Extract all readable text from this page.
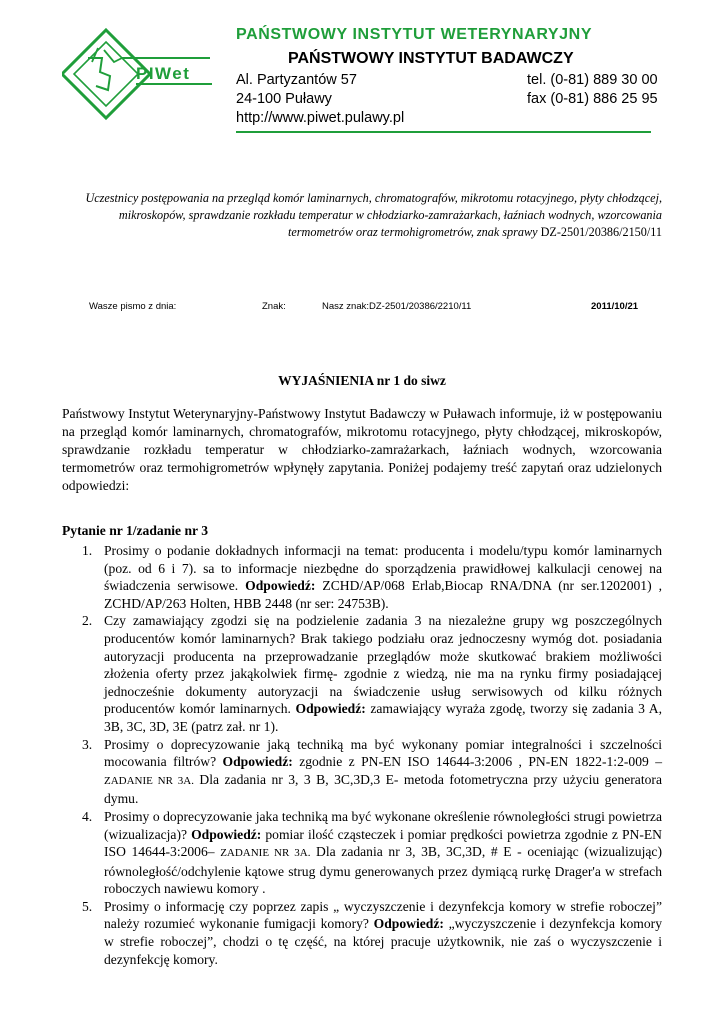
PIWet
PAŃSTWOWY INSTYTUT WETERYNARYJNY
PAŃSTWOWY INSTYTUT BADAWCZY
Al. Partyzantów 57
24-100 Puławy
http://www.piwet.pulawy.pl
tel. (0-81) 889 30 00
fax (0-81) 886 25 95
Uczestnicy postępowania na przegląd komór laminarnych, chromatografów, mikrotomu rotacyjnego, płyty chłodzącej, mikroskopów, sprawdzanie rozkładu temperatur w chłodziarko-zamrażarkach, łaźniach wodnych, wzorcowania termometrów oraz termohigrometrów, znak sprawy DZ-2501/20386/2150/11
Wasze pismo z dnia:	Znak:	Nasz znak:DZ-2501/20386/2210/11	2011/10/21
WYJAŚNIENIA nr 1 do siwz
Państwowy Instytut Weterynaryjny-Państwowy Instytut Badawczy w Puławach informuje, iż w postępowaniu na przegląd komór laminarnych, chromatografów, mikrotomu rotacyjnego, płyty chłodzącej, mikroskopów, sprawdzanie rozkładu temperatur w chłodziarko-zamrażarkach, łaźniach wodnych, wzorcowania termometrów oraz termohigrometrów wpłynęły zapytania. Poniżej podajemy treść zapytań oraz udzielonych odpowiedzi:
Pytanie nr 1/zadanie nr 3
1. Prosimy o podanie dokładnych informacji na temat: producenta i modelu/typu komór laminarnych (poz. od 6 i 7). sa to informacje niezbędne do sporządzenia prawidłowej kalkulacji cenowej na świadczenia serwisowe. Odpowiedź: ZCHD/AP/068 Erlab,Biocap RNA/DNA (nr ser.1202001) , ZCHD/AP/263 Holten, HBB 2448 (nr ser: 24753B).
2. Czy zamawiający zgodzi się na podzielenie zadania 3 na niezależne grupy wg poszczególnych producentów komór laminarnych? Brak takiego podziału oraz jednoczesny wymóg dot. posiadania autoryzacji producenta na przeprowadzanie przeglądów może skutkować brakiem możliwości złożenia oferty przez jakąkolwiek firmę- zgodnie z wiedzą, nie ma na rynku firmy posiadającej jednocześnie dokumenty autoryzacji na świadczenie usług serwisowych od kilku różnych producentów komór laminarnych. Odpowiedź: zamawiający wyraża zgodę, tworzy się zadania 3 A, 3B, 3C, 3D, 3E (patrz zał. nr 1).
3. Prosimy o doprecyzowanie jaką techniką ma być wykonany pomiar integralności i szczelności mocowania filtrów? Odpowiedź: zgodnie z PN-EN ISO 14644-3:2006 , PN-EN 1822-1:2-009 – ZADANIE NR 3A. Dla zadania nr 3, 3 B, 3C,3D,3 E- metoda fotometryczna przy użyciu generatora dymu.
4. Prosimy o doprecyzowanie jaka techniką ma być wykonane określenie równoległości strugi powietrza (wizualizacja)? Odpowiedź: pomiar ilość cząsteczek i pomiar prędkości powietrza zgodnie z PN-EN ISO 14644-3:2006– ZADANIE NR 3A. Dla zadania nr 3, 3B, 3C,3D, # E - oceniając (wizualizując) równoległość/odchylenie kątowe strug dymu generowanych przez dymiącą rurkę Drager'a w strefach roboczych nawiewu komory .
5. Prosimy o informację czy poprzez zapis „ wyczyszczenie i dezynfekcja komory w strefie roboczej” należy rozumieć wykonanie fumigacji komory? Odpowiedź: „wyczyszczenie i dezynfekcja komory w strefie roboczej”, chodzi o tę część, na której pracuje użytkownik, nie zaś o wyczyszczenie i dezynfekcję komory.
